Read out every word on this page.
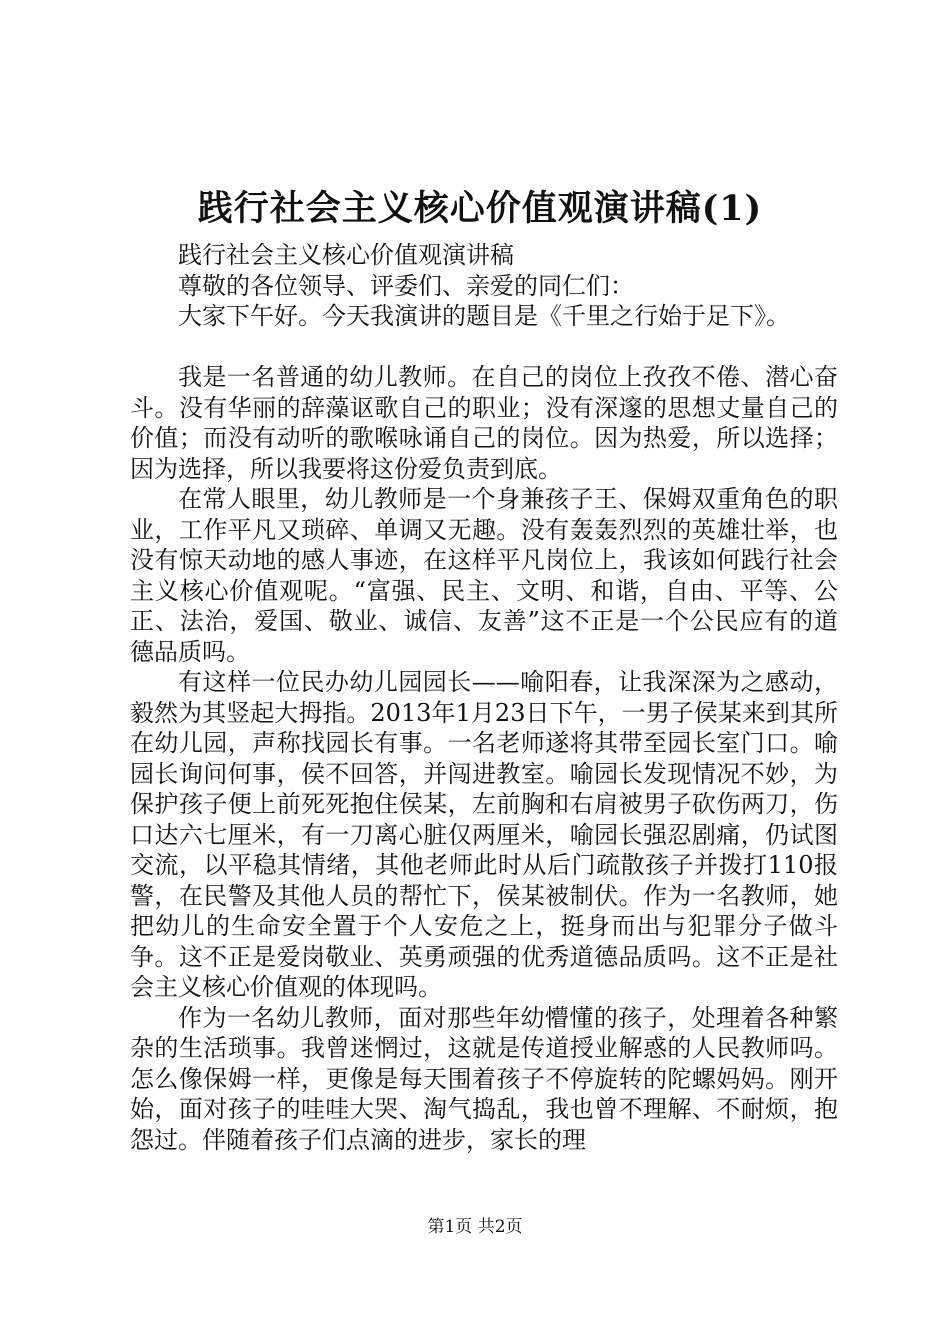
践行社会主义核心价值观演讲稿(1)

践行社会主义核心价值观演讲稿

尊敬的各位领导、评委们、亲爱的同仁们：

大家下午好。今天我演讲的题目是《千里之行始于足下》。

我是一名普通的幼儿教师。在自己的岗位上孜孜不倦、潜心奋斗。没有华丽的辞藻讴歌自己的职业；没有深邃的思想丈量自己的价值；而没有动听的歌喉咏诵自己的岗位。因为热爱，所以选择；因为选择，所以我要将这份爱负责到底。

在常人眼里，幼儿教师是一个身兼孩子王、保姆双重角色的职业，工作平凡又琐碎、单调又无趣。没有轰轰烈烈的英雄壮举，也没有惊天动地的感人事迹，在这样平凡岗位上，我该如何践行社会主义核心价值观呢。“富强、民主、文明、和谐，自由、平等、公正、法治，爱国、敬业、诚信、友善”这不正是一个公民应有的道德品质吗。

有这样一位民办幼儿园园长——喻阳春，让我深深为之感动，毅然为其竖起大拇指。2013年1月23日下午，一男子侯某来到其所在幼儿园，声称找园长有事。一名老师遂将其带至园长室门口。喻园长询问何事，侯不回答，并闯进教室。喻园长发现情况不妙，为保护孩子便上前死死抱住侯某，左前胸和右肩被男子砍伤两刀，伤口达六七厘米，有一刀离心脏仅两厘米，喻园长强忍剧痛，仍试图交流，以平稳其情绪，其他老师此时从后门疏散孩子并拨打110报警，在民警及其他人员的帮忙下，侯某被制伏。作为一名教师，她把幼儿的生命安全置于个人安危之上，挺身而出与犯罪分子做斗争。这不正是爱岗敬业、英勇顽强的优秀道德品质吗。这不正是社会主义核心价值观的体现吗。

作为一名幼儿教师，面对那些年幼懵懂的孩子，处理着各种繁杂的生活琐事。我曾迷惘过，这就是传道授业解惑的人民教师吗。怎么像保姆一样，更像是每天围着孩子不停旋转的陀螺妈妈。刚开始，面对孩子的哇哇大哭、淘气捣乱，我也曾不理解、不耐烦，抱怨过。伴随着孩子们点滴的进步，家长的理

第1页 共2页
